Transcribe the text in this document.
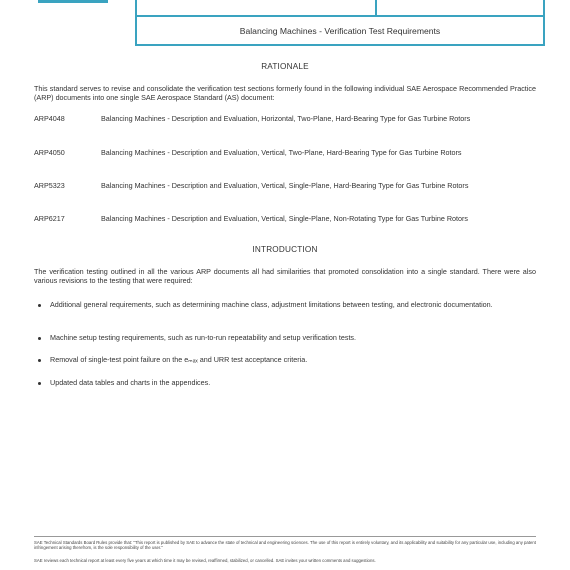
Balancing Machines - Verification Test Requirements
RATIONALE
This standard serves to revise and consolidate the verification test sections formerly found in the following individual SAE Aerospace Recommended Practice (ARP) documents into one single SAE Aerospace Standard (AS) document:
ARP4048	Balancing Machines - Description and Evaluation, Horizontal, Two-Plane, Hard-Bearing Type for Gas Turbine Rotors
ARP4050	Balancing Machines - Description and Evaluation, Vertical, Two-Plane, Hard-Bearing Type for Gas Turbine Rotors
ARP5323	Balancing Machines - Description and Evaluation, Vertical, Single-Plane, Hard-Bearing Type for Gas Turbine Rotors
ARP6217	Balancing Machines - Description and Evaluation, Vertical, Single-Plane, Non-Rotating Type for Gas Turbine Rotors
INTRODUCTION
The verification testing outlined in all the various ARP documents all had similarities that promoted consolidation into a single standard. There were also various revisions to the testing that were required:
Additional general requirements, such as determining machine class, adjustment limitations between testing, and electronic documentation.
Machine setup testing requirements, such as run-to-run repeatability and setup verification tests.
Removal of single-test point failure on the eₘₐₓ and URR test acceptance criteria.
Updated data tables and charts in the appendices.
SAE Technical Standards Board Rules provide that: "This report is published by SAE to advance the state of technical and engineering sciences. The use of this report is entirely voluntary, and its applicability and suitability for any particular use, including any patent infringement arising therefrom, is the sole responsibility of the user."
SAE reviews each technical report at least every five years at which time it may be revised, reaffirmed, stabilized, or cancelled. SAE invites your written comments and suggestions.
